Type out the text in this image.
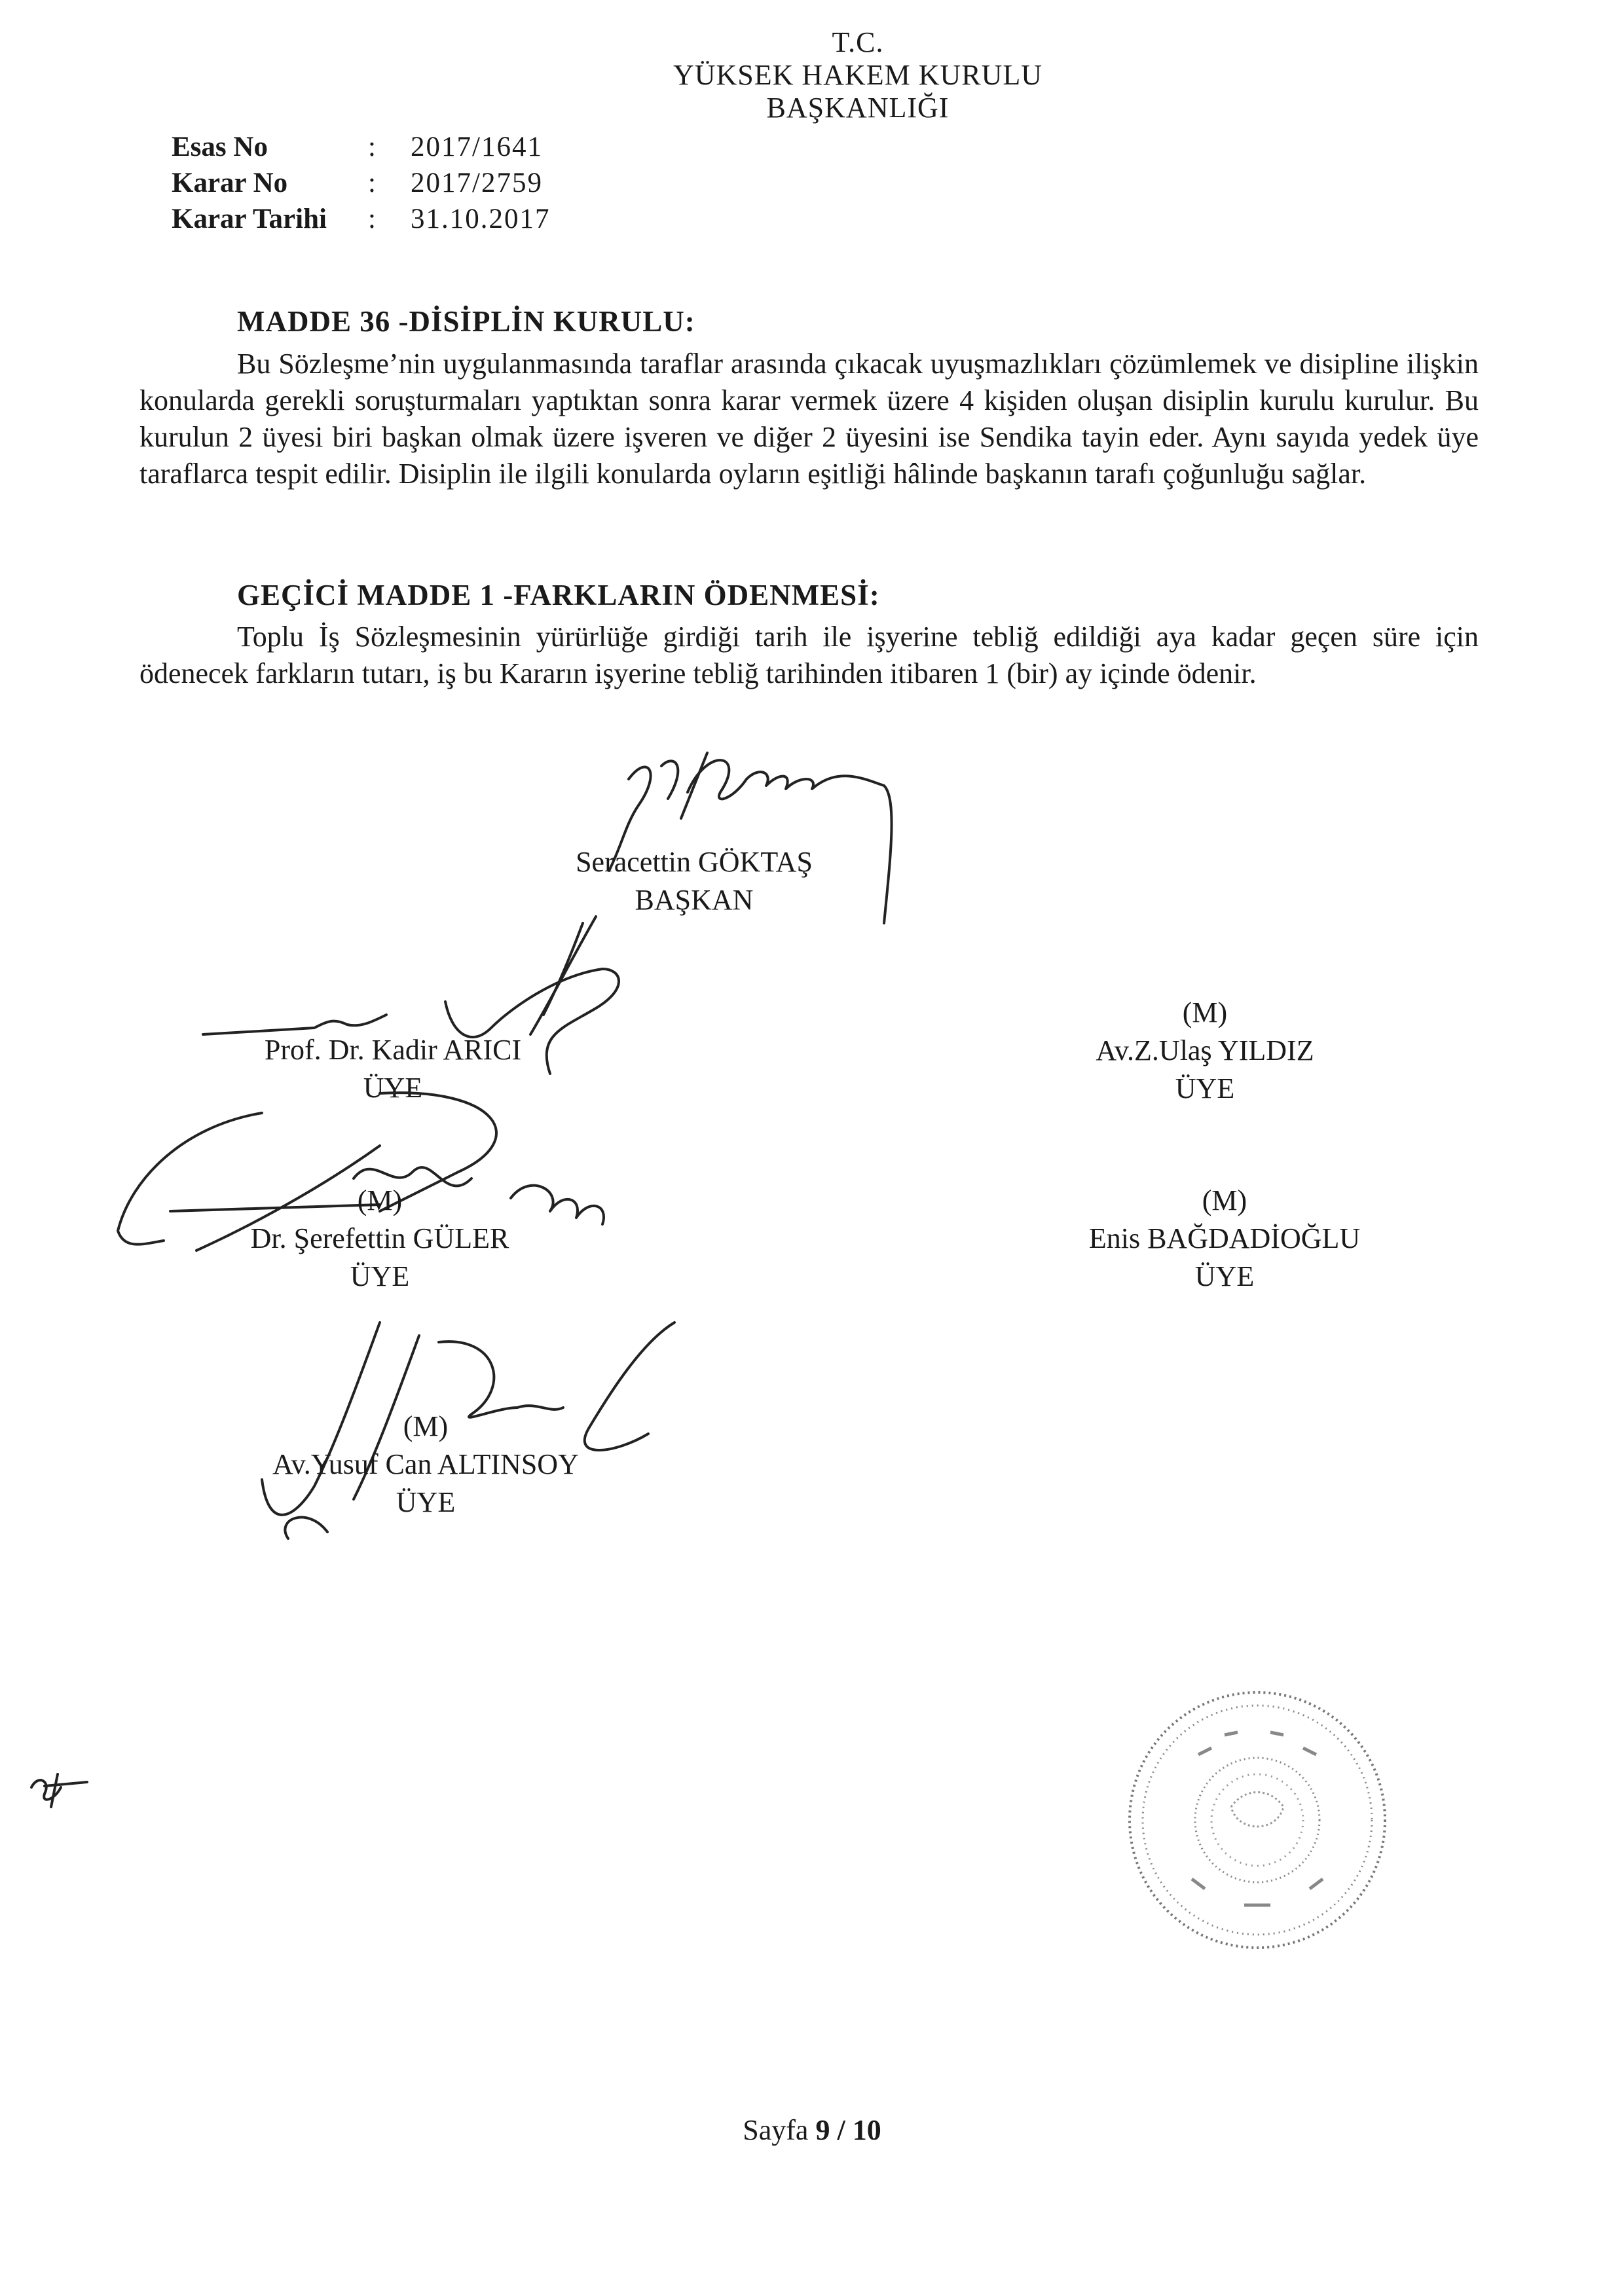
T.C.
YÜKSEK HAKEM KURULU
BAŞKANLIĞI
Esas No	:	2017/1641
Karar No	:	2017/2759
Karar Tarihi	:	31.10.2017
MADDE 36 -DİSİPLİN KURULU:
Bu Sözleşme’nin uygulanmasında taraflar arasında çıkacak uyuşmazlıkları çözümlemek ve disipline ilişkin konularda gerekli soruşturmaları yaptıktan sonra karar vermek üzere 4 kişiden oluşan disiplin kurulu kurulur. Bu kurulun 2 üyesi biri başkan olmak üzere işveren ve diğer 2 üyesini ise Sendika tayin eder. Aynı sayıda yedek üye taraflarca tespit edilir. Disiplin ile ilgili konularda oyların eşitliği hâlinde başkanın tarafı çoğunluğu sağlar.
GEÇİCİ MADDE 1 -FARKLARIN ÖDENMESİ:
Toplu İş Sözleşmesinin yürürlüğe girdiği tarih ile işyerine tebliğ edildiği aya kadar geçen süre için ödenecek farkların tutarı, iş bu Kararın işyerine tebliğ tarihinden itibaren 1 (bir) ay içinde ödenir.
Seracettin GÖKTAŞ
BAŞKAN
Prof. Dr. Kadir ARICI
ÜYE
(M)
Av.Z.Ulaş YILDIZ
ÜYE
(M)
Dr. Şerefettin GÜLER
ÜYE
(M)
Enis BAĞDADİOĞLU
ÜYE
(M)
Av.Yusuf Can ALTINSOY
ÜYE
Sayfa 9 / 10
